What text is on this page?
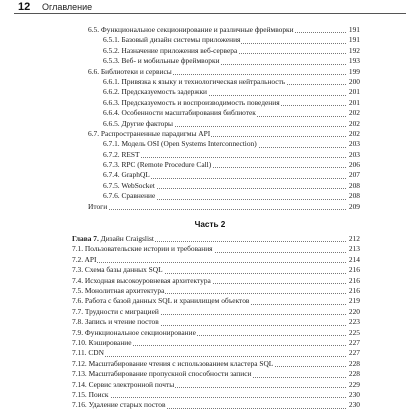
12 Оглавление
6.5. Функциональное секционирование и различные фреймворки	191
6.5.1. Базовый дизайн системы приложения	191
6.5.2. Назначение приложения веб-сервера	192
6.5.3. Веб- и мобильные фреймворки	193
6.6. Библиотеки и сервисы	199
6.6.1. Привязка к языку и технологическая нейтральность	200
6.6.2. Предсказуемость задержки	201
6.6.3. Предсказуемость и воспроизводимость поведения	201
6.6.4. Особенности масштабирования библиотек	202
6.6.5. Другие факторы	202
6.7. Распространенные парадигмы API	202
6.7.1. Модель OSI (Open Systems Interconnection)	203
6.7.2. REST	203
6.7.3. RPC (Remote Procedure Call)	206
6.7.4. GraphQL	207
6.7.5. WebSocket	208
6.7.6. Сравнение	208
Итоги	209
Часть 2
Глава 7. Дизайн Craigslist	212
7.1. Пользовательские истории и требования	213
7.2. API	214
7.3. Схема базы данных SQL	216
7.4. Исходная высокоуровневая архитектура	216
7.5. Монолитная архитектура	216
7.6. Работа с базой данных SQL и хранилищем объектов	219
7.7. Трудности с миграцией	220
7.8. Запись и чтение постов	223
7.9. Функциональное секционирование	225
7.10. Кэширование	227
7.11. CDN	227
7.12. Масштабирование чтения с использованием кластера SQL	228
7.13. Масштабирование пропускной способности записи	228
7.14. Сервис электронной почты	229
7.15. Поиск	230
7.16. Удаление старых постов	230
